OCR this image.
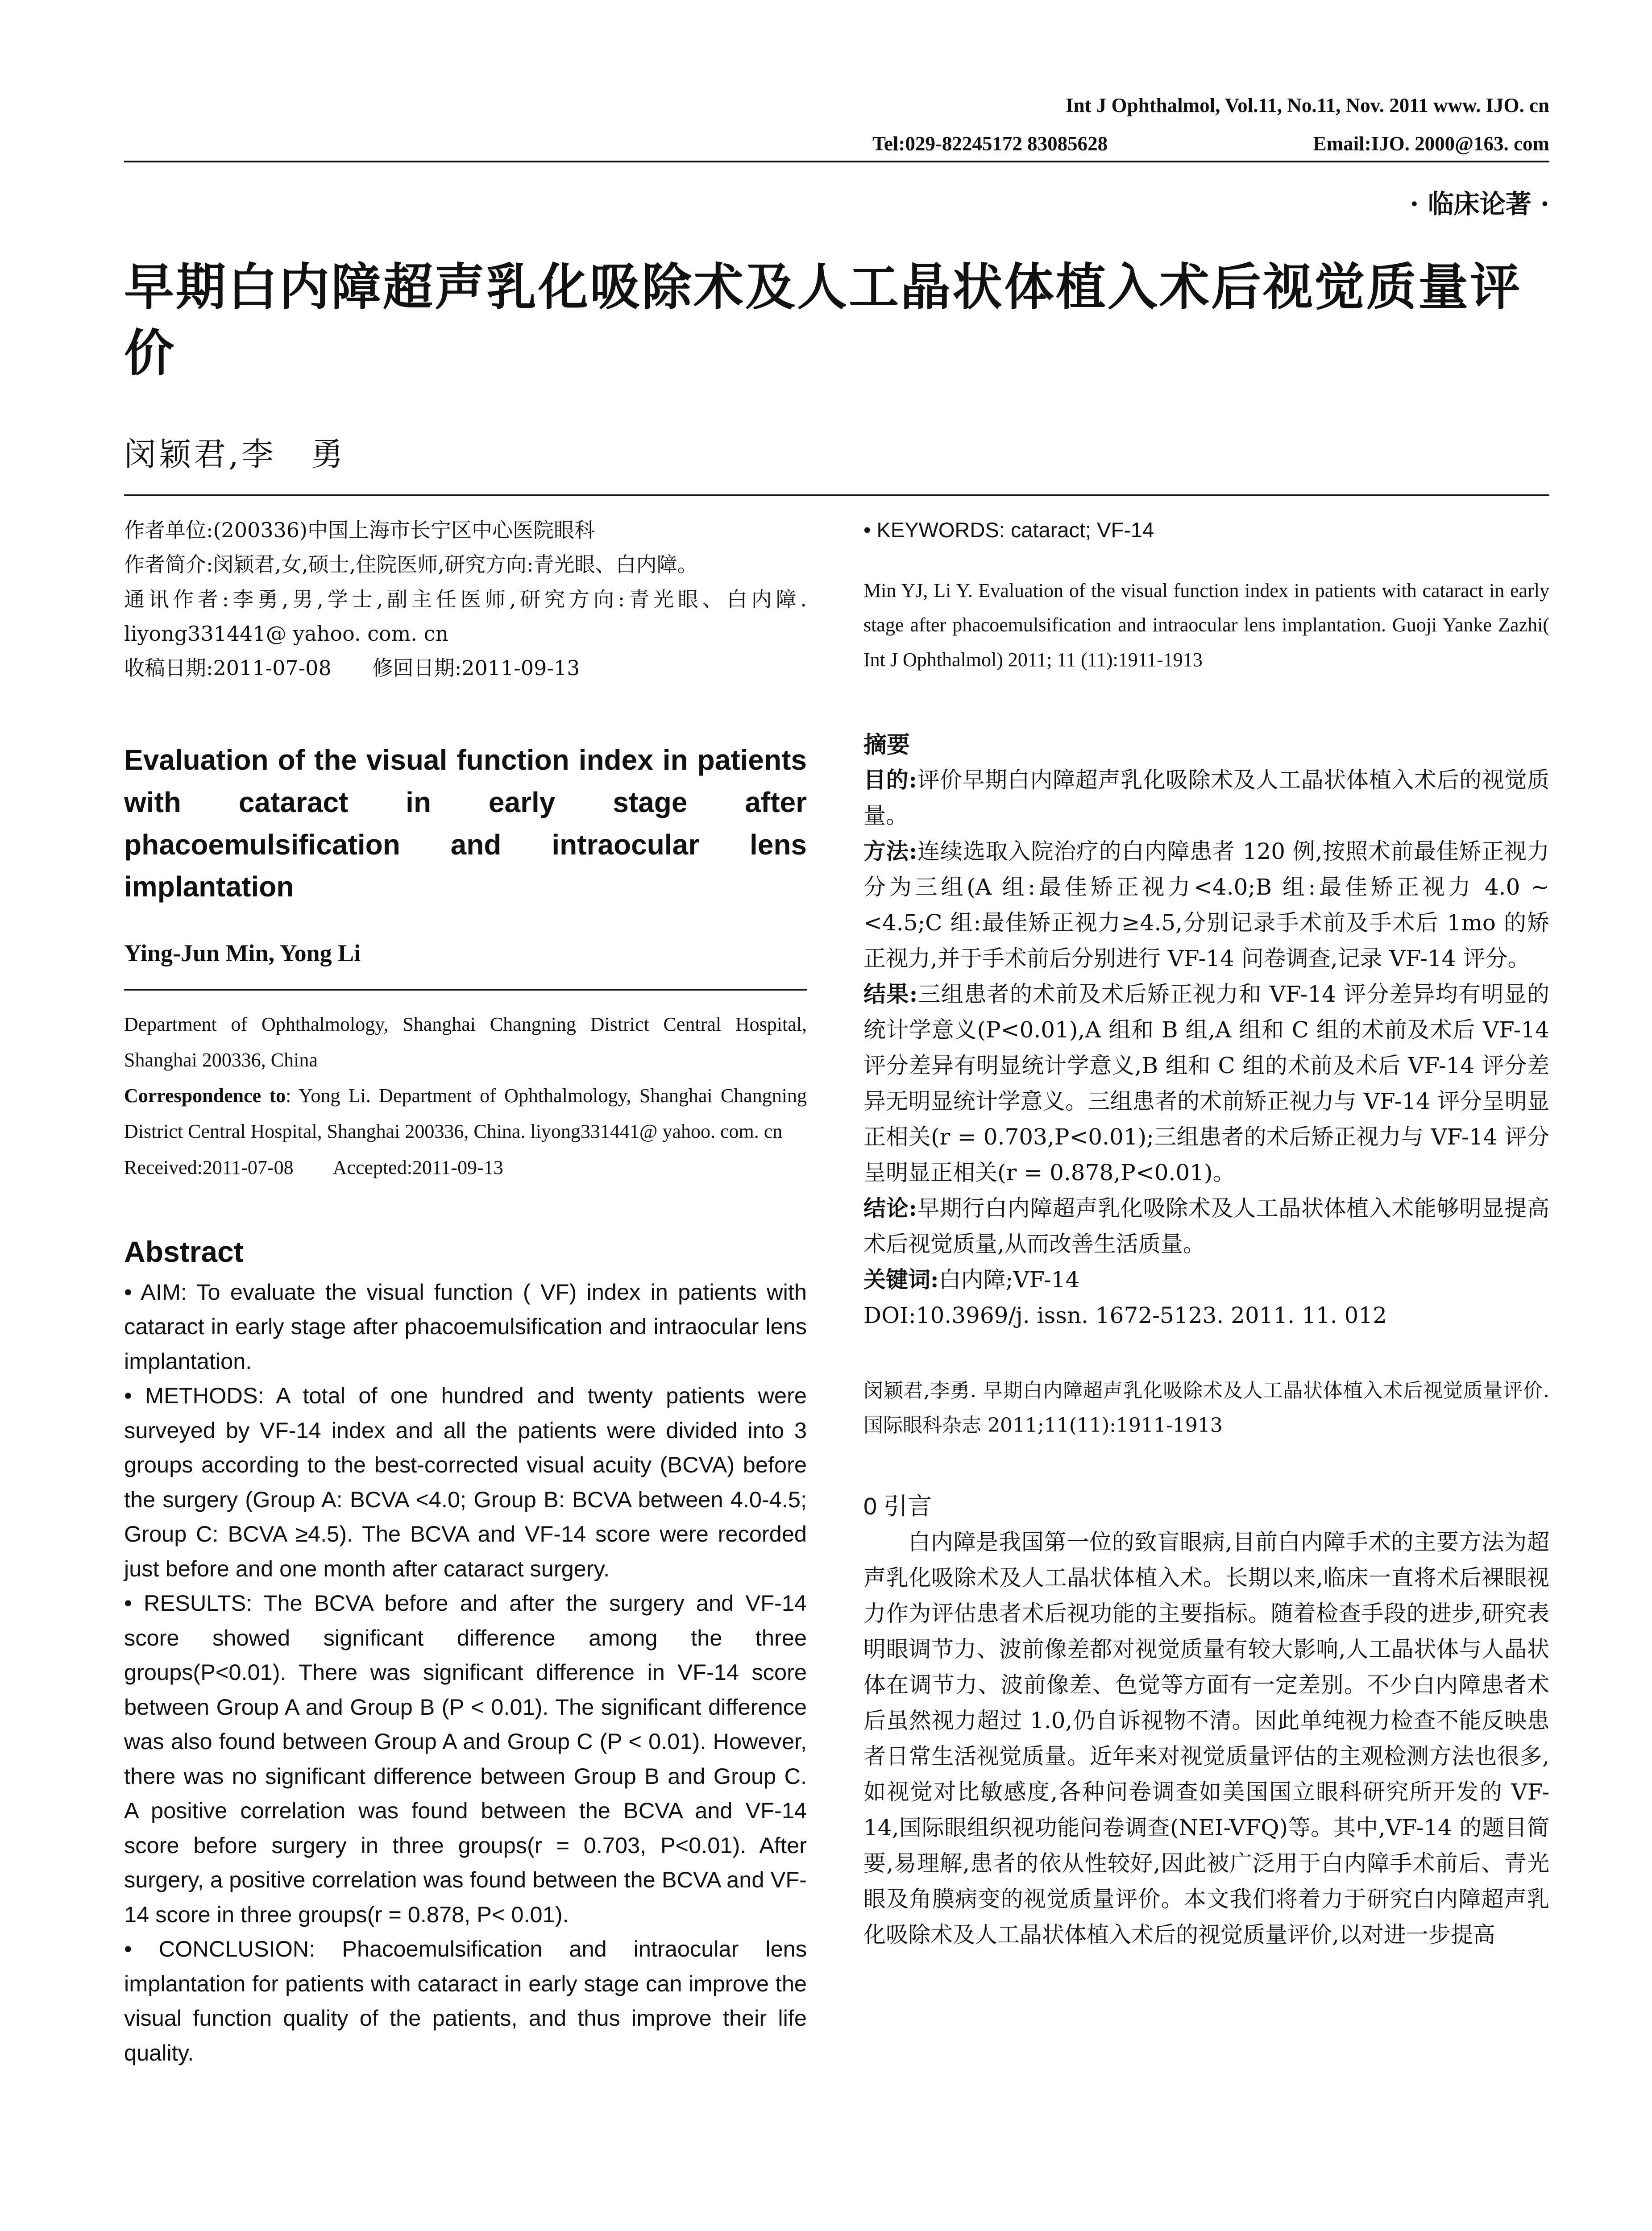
Int J Ophthalmol, Vol.11, No.11, Nov. 2011 www. IJO. cn
Tel:029-82245172 83085628	Email:IJO. 2000@163. com
· 临床论著 ·
早期白内障超声乳化吸除术及人工晶状体植入术后视觉质量评价
闵颖君,李　勇

作者单位:(200336)中国上海市长宁区中心医院眼科

作者简介:闵颖君,女,硕士,住院医师,研究方向:青光眼、白内障。

通讯作者:李勇,男,学士,副主任医师,研究方向:青光眼、白内障. liyong331441@ yahoo. com. cn

收稿日期:2011-07-08　　修回日期:2011-09-13

Evaluation of the visual function index in patients with cataract in early stage after phacoemulsification and intraocular lens implantation
Ying-Jun Min, Yong Li

Department of Ophthalmology, Shanghai Changning District Central Hospital, Shanghai 200336, China

Correspondence to: Yong Li. Department of Ophthalmology, Shanghai Changning District Central Hospital, Shanghai 200336, China. liyong331441@ yahoo. com. cn

Received:2011-07-08　　Accepted:2011-09-13

Abstract

• AIM: To evaluate the visual function ( VF) index in patients with cataract in early stage after phacoemulsification and intraocular lens implantation.

• METHODS: A total of one hundred and twenty patients were surveyed by VF-14 index and all the patients were divided into 3 groups according to the best-corrected visual acuity (BCVA) before the surgery (Group A: BCVA <4.0; Group B: BCVA between 4.0-4.5; Group C: BCVA ≥4.5). The BCVA and VF-14 score were recorded just before and one month after cataract surgery.

• RESULTS: The BCVA before and after the surgery and VF-14 score showed significant difference among the three groups(P<0.01). There was significant difference in VF-14 score between Group A and Group B (P < 0.01). The significant difference was also found between Group A and Group C (P < 0.01). However, there was no significant difference between Group B and Group C. A positive correlation was found between the BCVA and VF-14 score before surgery in three groups(r = 0.703, P<0.01). After surgery, a positive correlation was found between the BCVA and VF-14 score in three groups(r = 0.878, P< 0.01).

• CONCLUSION: Phacoemulsification and intraocular lens implantation for patients with cataract in early stage can improve the visual function quality of the patients, and thus improve their life quality.

• KEYWORDS: cataract; VF-14

Min YJ, Li Y. Evaluation of the visual function index in patients with cataract in early stage after phacoemulsification and intraocular lens implantation. Guoji Yanke Zazhi( Int J Ophthalmol) 2011; 11 (11):1911-1913

摘要

目的:评价早期白内障超声乳化吸除术及人工晶状体植入术后的视觉质量。

方法:连续选取入院治疗的白内障患者 120 例,按照术前最佳矫正视力分为三组(A 组:最佳矫正视力<4.0;B 组:最佳矫正视力 4.0 ~ <4.5;C 组:最佳矫正视力≥4.5,分别记录手术前及手术后 1mo 的矫正视力,并于手术前后分别进行 VF-14 问卷调查,记录 VF-14 评分。

结果:三组患者的术前及术后矫正视力和 VF-14 评分差异均有明显的统计学意义(P<0.01),A 组和 B 组,A 组和 C 组的术前及术后 VF-14 评分差异有明显统计学意义,B 组和 C 组的术前及术后 VF-14 评分差异无明显统计学意义。三组患者的术前矫正视力与 VF-14 评分呈明显正相关(r = 0.703,P<0.01);三组患者的术后矫正视力与 VF-14 评分呈明显正相关(r = 0.878,P<0.01)。

结论:早期行白内障超声乳化吸除术及人工晶状体植入术能够明显提高术后视觉质量,从而改善生活质量。

关键词:白内障;VF-14

DOI:10.3969/j. issn. 1672-5123. 2011. 11. 012

闵颖君,李勇. 早期白内障超声乳化吸除术及人工晶状体植入术后视觉质量评价. 国际眼科杂志 2011;11(11):1911-1913

0 引言

白内障是我国第一位的致盲眼病,目前白内障手术的主要方法为超声乳化吸除术及人工晶状体植入术。长期以来,临床一直将术后裸眼视力作为评估患者术后视功能的主要指标。随着检查手段的进步,研究表明眼调节力、波前像差都对视觉质量有较大影响,人工晶状体与人晶状体在调节力、波前像差、色觉等方面有一定差别。不少白内障患者术后虽然视力超过 1.0,仍自诉视物不清。因此单纯视力检查不能反映患者日常生活视觉质量。近年来对视觉质量评估的主观检测方法也很多,如视觉对比敏感度,各种问卷调查如美国国立眼科研究所开发的 VF-14,国际眼组织视功能问卷调查(NEI-VFQ)等。其中,VF-14 的题目简要,易理解,患者的依从性较好,因此被广泛用于白内障手术前后、青光眼及角膜病变的视觉质量评价。本文我们将着力于研究白内障超声乳化吸除术及人工晶状体植入术后的视觉质量评价,以对进一步提高
